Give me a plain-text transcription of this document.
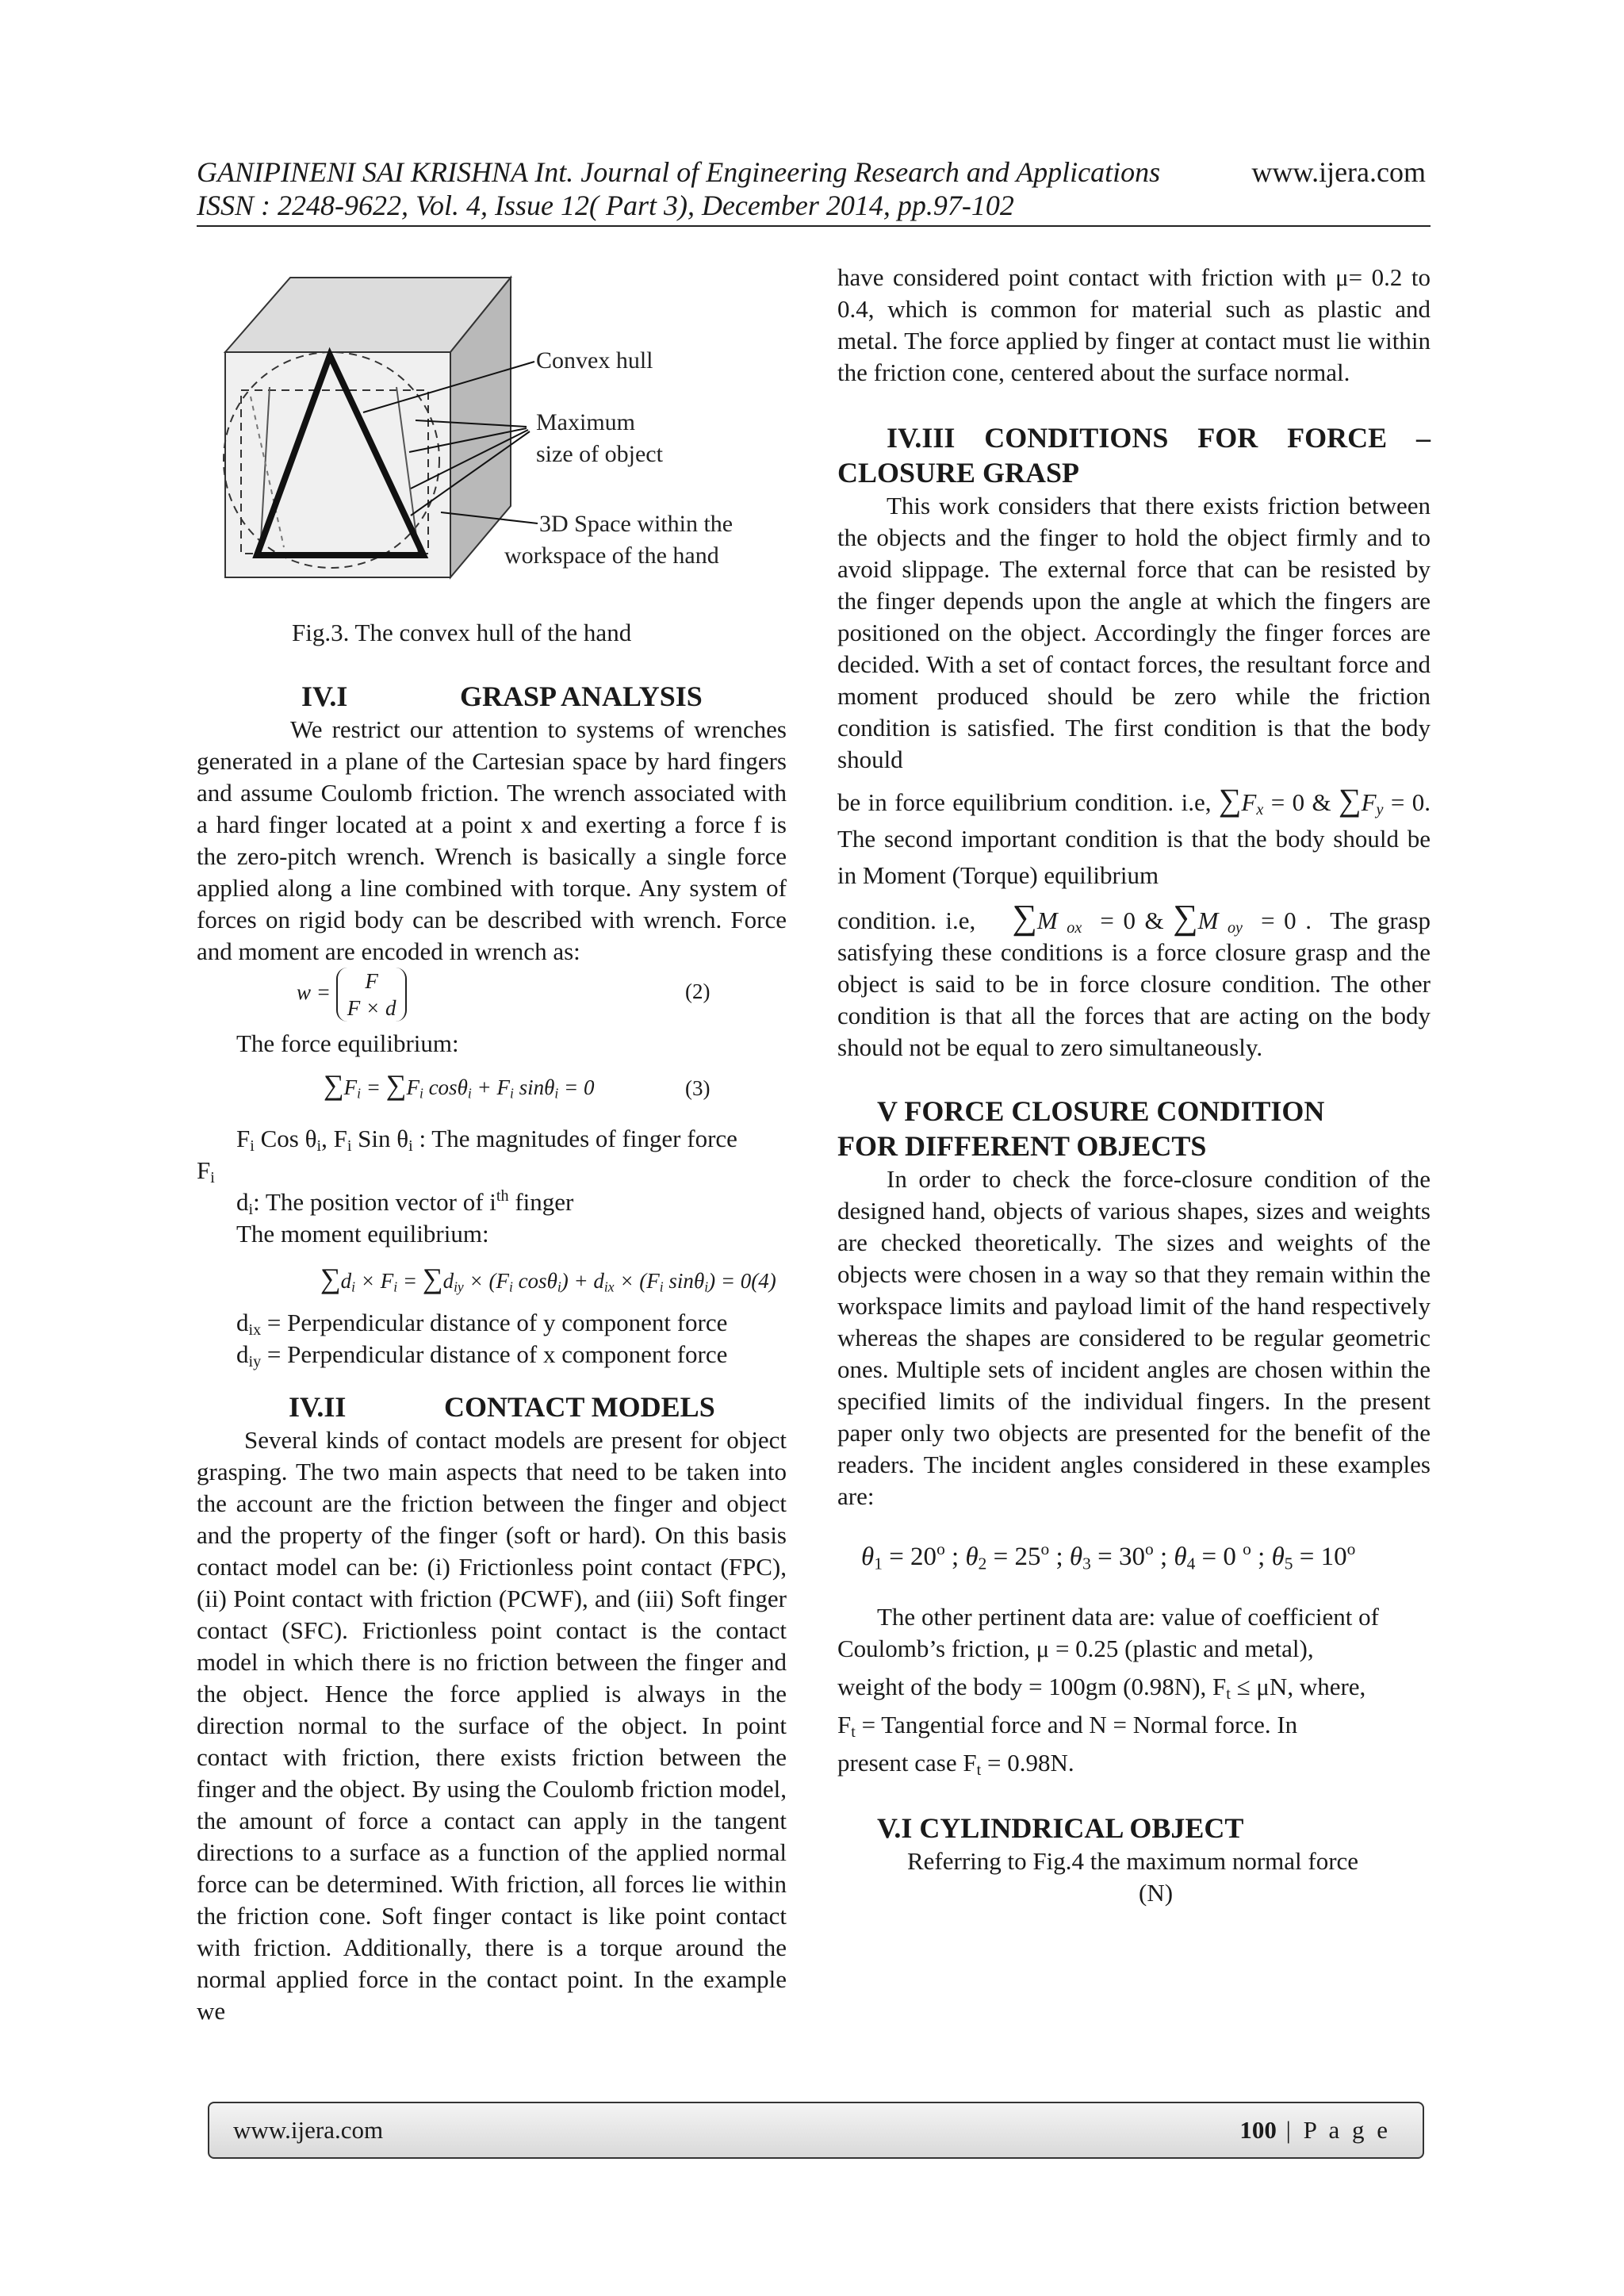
GANIPINENI SAI KRISHNA Int. Journal of Engineering Research and Applications	www.ijera.com
ISSN : 2248-9622, Vol. 4, Issue 12( Part 3), December 2014, pp.97-102
Convex hull
Maximum
size of object
3D Space within the
workspace of the hand
Fig.3. The convex hull of the hand
IV.I	GRASP ANALYSIS
We restrict our attention to systems of wrenches generated in a plane of the Cartesian space by hard fingers and assume Coulomb friction. The wrench associated with a hard finger located at a point x and exerting a force f is the zero-pitch wrench. Wrench is basically a single force applied along a line combined with torque. Any system of forces on rigid body can be described with wrench. Force and moment are encoded in wrench as:
w = F
F × d
(2)
The force equilibrium:
$\sum F_i = \sum F_i$ $\cos\theta_i + F_i$ sinθ$_i$ = 0	(3)
$F_i$ Cos $\theta_i$, $F_i$ Sin $\theta_i$ : The magnitudes of finger force
$F_i$
$d_i$: The position vector of $i^{th}$ finger
The moment equilibrium:
$\sum d_i \times F_i = \sum d_{iy} \times (F_i$ $\cos\theta_i) + d_{ix} \times (F_i$ sinθ$_i$) = 0(4)
$d_{ix}$ = Perpendicular distance of y component force
$d_{iy}$ = Perpendicular distance of x component force
IV.II	CONTACT MODELS
Several kinds of contact models are present for object grasping. The two main aspects that need to be taken into the account are the friction between the finger and object and the property of the finger (soft or hard). On this basis contact model can be: (i) Frictionless point contact (FPC), (ii) Point contact with friction (PCWF), and (iii) Soft finger contact (SFC). Frictionless point contact is the contact model in which there is no friction between the finger and the object. Hence the force applied is always in the direction normal to the surface of the object. In point contact with friction, there exists friction between the finger and the object. By using the Coulomb friction model, the amount of force a contact can apply in the tangent directions to a surface as a function of the applied normal force can be determined. With friction, all forces lie within the friction cone. Soft finger contact is like point contact with friction. Additionally, there is a torque around the normal applied force in the contact point. In the example we
have considered point contact with friction with μ= 0.2 to 0.4, which is common for material such as plastic and metal. The force applied by finger at contact must lie within the friction cone, centered about the surface normal.
IV.III CONDITIONS FOR FORCE –
CLOSURE GRASP
This work considers that there exists friction between the objects and the finger to hold the object firmly and to avoid slippage. The external force that can be resisted by the finger depends upon the angle at which the fingers are positioned on the object. Accordingly the finger forces are decided. With a set of contact forces, the resultant force and moment produced should be zero while the friction condition is satisfied. The first condition is that the body should
be in force equilibrium condition. i.e, $\sum F_x = 0$ & $\sum F_y = 0$. The second important condition is that the body should be in Moment (Torque) equilibrium
condition. i.e, ∑M $_{ox}$  = 0 & ∑M $_{oy}$  = 0 .  The grasp satisfying these conditions is a force closure grasp and the object is said to be in force closure condition. The other condition is that all the forces that are acting on the body should not be equal to zero simultaneously.
V FORCE CLOSURE CONDITION
FOR DIFFERENT OBJECTS
In order to check the force-closure condition of the designed hand, objects of various shapes, sizes and weights are checked theoretically. The sizes and weights of the objects were chosen in a way so that they remain within the workspace limits and payload limit of the hand respectively whereas the shapes are considered to be regular geometric ones. Multiple sets of incident angles are chosen within the specified limits of the individual fingers. In the present paper only two objects are presented for the benefit of the readers. The incident angles considered in these examples are:
$\theta_1 = 20^o$ ; $\theta_2 = 25^o$ ; $\theta_3 = 30^o$ ; $\theta_4 = 0$ $^o$ ; $\theta_5 = 10^o$
The other pertinent data are: value of coefficient of Coulomb’s friction, μ = 0.25 (plastic and metal),
weight of the body = 100gm (0.98N), $F_t \le \mu N$, where,
$F_t$ = Tangential force and N = Normal force. In
present case $F_t = 0.98N$.
V.I CYLINDRICAL OBJECT
Referring to Fig.4 the maximum normal force
(N)
www.ijera.com	100 | P a g e
